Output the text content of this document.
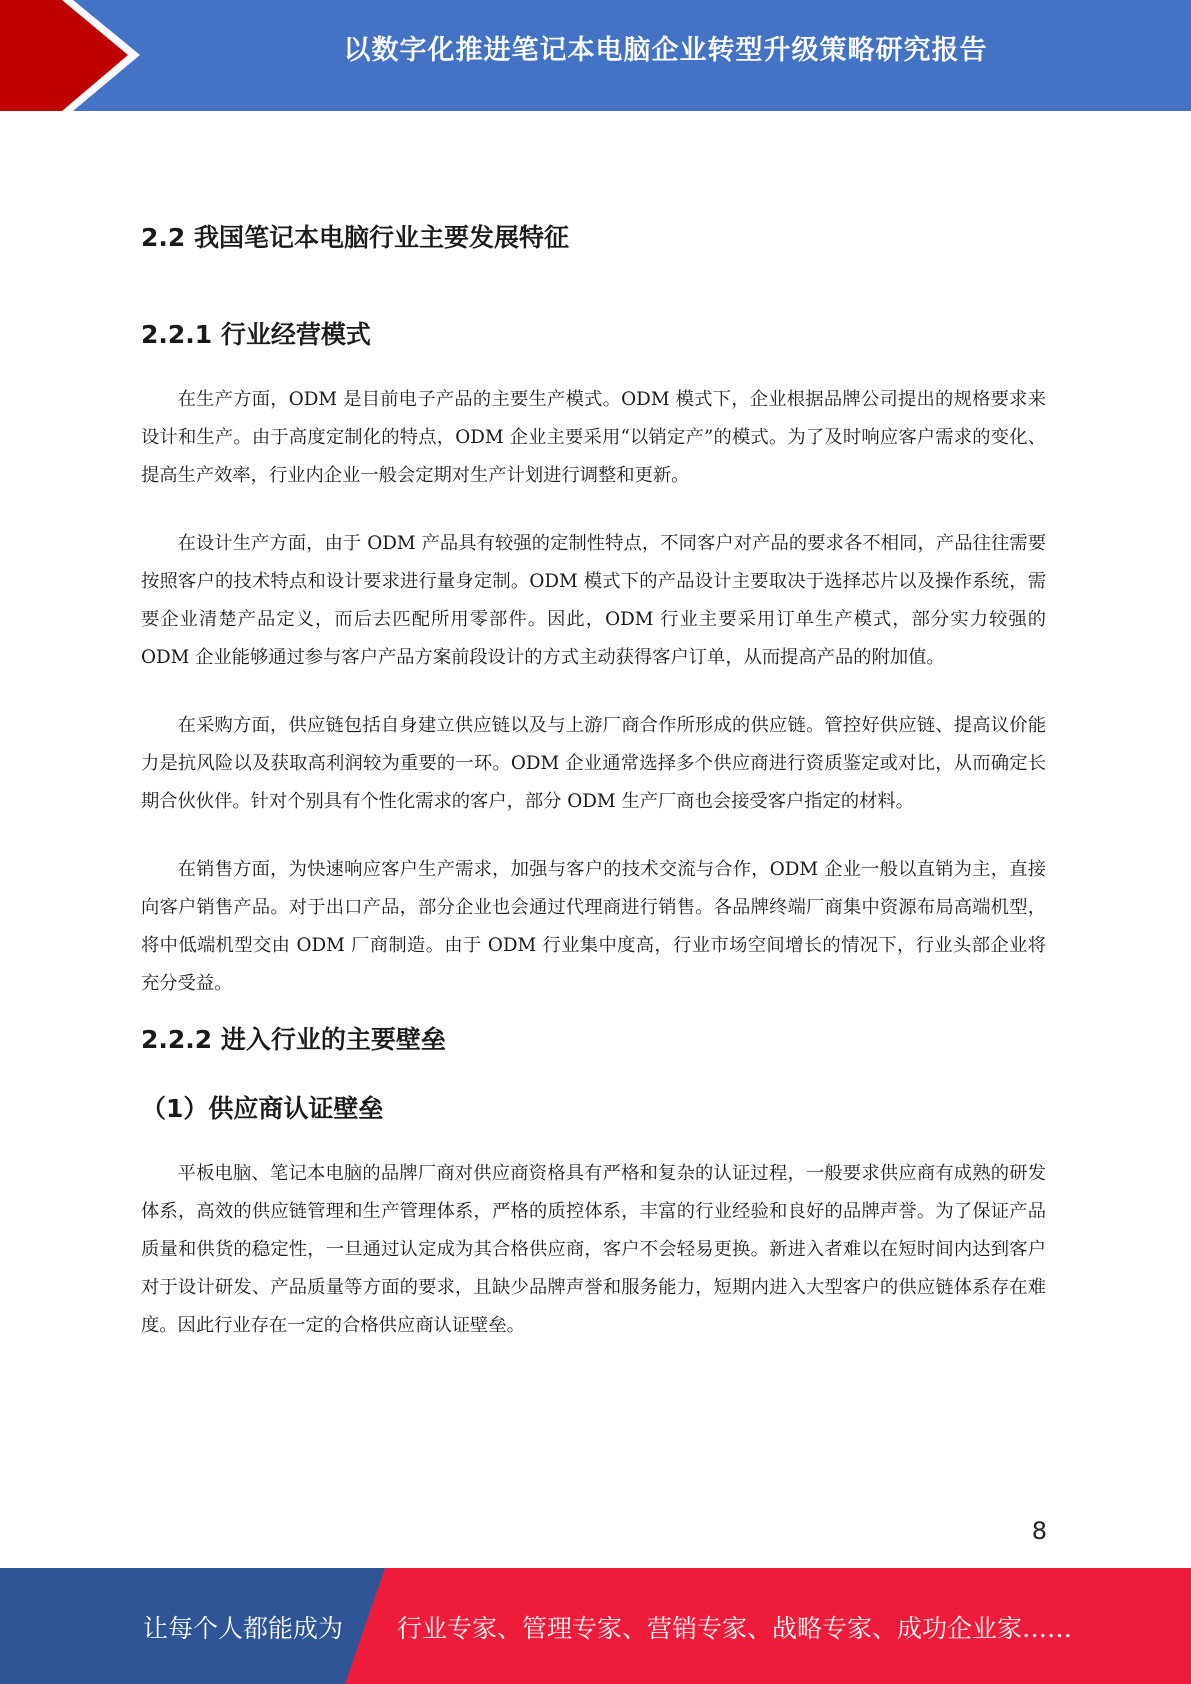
以数字化推进笔记本电脑企业转型升级策略研究报告
2.2 我国笔记本电脑行业主要发展特征
2.2.1 行业经营模式

在生产方面，ODM 是目前电子产品的主要生产模式。ODM 模式下，企业根据品牌公司提出的规格要求来设计和生产。由于高度定制化的特点，ODM 企业主要采用“以销定产”的模式。为了及时响应客户需求的变化、提高生产效率，行业内企业一般会定期对生产计划进行调整和更新。

在设计生产方面，由于 ODM 产品具有较强的定制性特点，不同客户对产品的要求各不相同，产品往往需要按照客户的技术特点和设计要求进行量身定制。ODM 模式下的产品设计主要取决于选择芯片以及操作系统，需要企业清楚产品定义，而后去匹配所用零部件。因此，ODM 行业主要采用订单生产模式，部分实力较强的 ODM 企业能够通过参与客户产品方案前段设计的方式主动获得客户订单，从而提高产品的附加值。

在采购方面，供应链包括自身建立供应链以及与上游厂商合作所形成的供应链。管控好供应链、提高议价能力是抗风险以及获取高利润较为重要的一环。ODM 企业通常选择多个供应商进行资质鉴定或对比，从而确定长期合伙伙伴。针对个别具有个性化需求的客户，部分 ODM 生产厂商也会接受客户指定的材料。

在销售方面，为快速响应客户生产需求，加强与客户的技术交流与合作，ODM 企业一般以直销为主，直接向客户销售产品。对于出口产品，部分企业也会通过代理商进行销售。各品牌终端厂商集中资源布局高端机型，将中低端机型交由 ODM 厂商制造。由于 ODM 行业集中度高，行业市场空间增长的情况下，行业头部企业将充分受益。

2.2.2 进入行业的主要壁垒
（1）供应商认证壁垒

平板电脑、笔记本电脑的品牌厂商对供应商资格具有严格和复杂的认证过程，一般要求供应商有成熟的研发体系，高效的供应链管理和生产管理体系，严格的质控体系，丰富的行业经验和良好的品牌声誉。为了保证产品质量和供货的稳定性，一旦通过认定成为其合格供应商，客户不会轻易更换。新进入者难以在短时间内达到客户对于设计研发、产品质量等方面的要求，且缺少品牌声誉和服务能力，短期内进入大型客户的供应链体系存在难度。因此行业存在一定的合格供应商认证壁垒。

8
让每个人都能成为 行业专家、管理专家、营销专家、战略专家、成功企业家……
